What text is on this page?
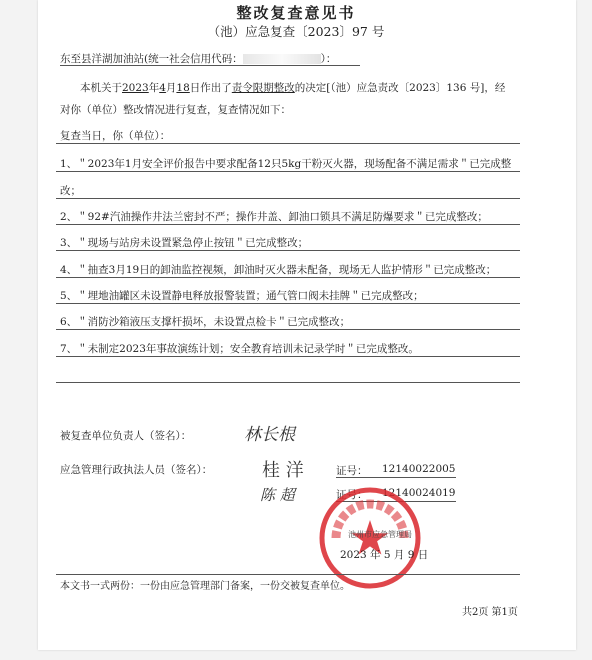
整改复查意见书
（池）应急复查〔2023〕97 号
东至县洋湖加油站(统一社会信用代码：	）：
本机关于2023年4月18日作出了责令限期整改的决定[（池）应急责改〔2023〕136 号]，经
对你（单位）整改情况进行复查，复查情况如下：
复查当日，你（单位）：
1、＂2023年1月安全评价报告中要求配备12只5kg干粉灭火器，现场配备不满足需求＂已完成整
改；
2、＂92#汽油操作井法兰密封不严；操作井盖、卸油口锁具不满足防爆要求＂已完成整改；
3、＂现场与站房未设置紧急停止按钮＂已完成整改；
4、＂抽查3月19日的卸油监控视频，卸油时灭火器未配备，现场无人监护情形＂已完成整改；
5、＂埋地油罐区未设置静电释放报警装置；通气管口阀未挂牌＂已完成整改；
6、＂消防沙箱液压支撑杆损坏，未设置点检卡＂已完成整改；
7、＂未制定2023年事故演练计划；安全教育培训未记录学时＂已完成整改。
被复查单位负责人（签名）：	林长根
应急管理行政执法人员（签名）：	桂 洋	证号： 12140022005
陈 超	证号： 12140024019
池州市应急管理局
2023 年 5 月 9 日
本文书一式两份：一份由应急管理部门备案，一份交被复查单位。
共2页 第1页
